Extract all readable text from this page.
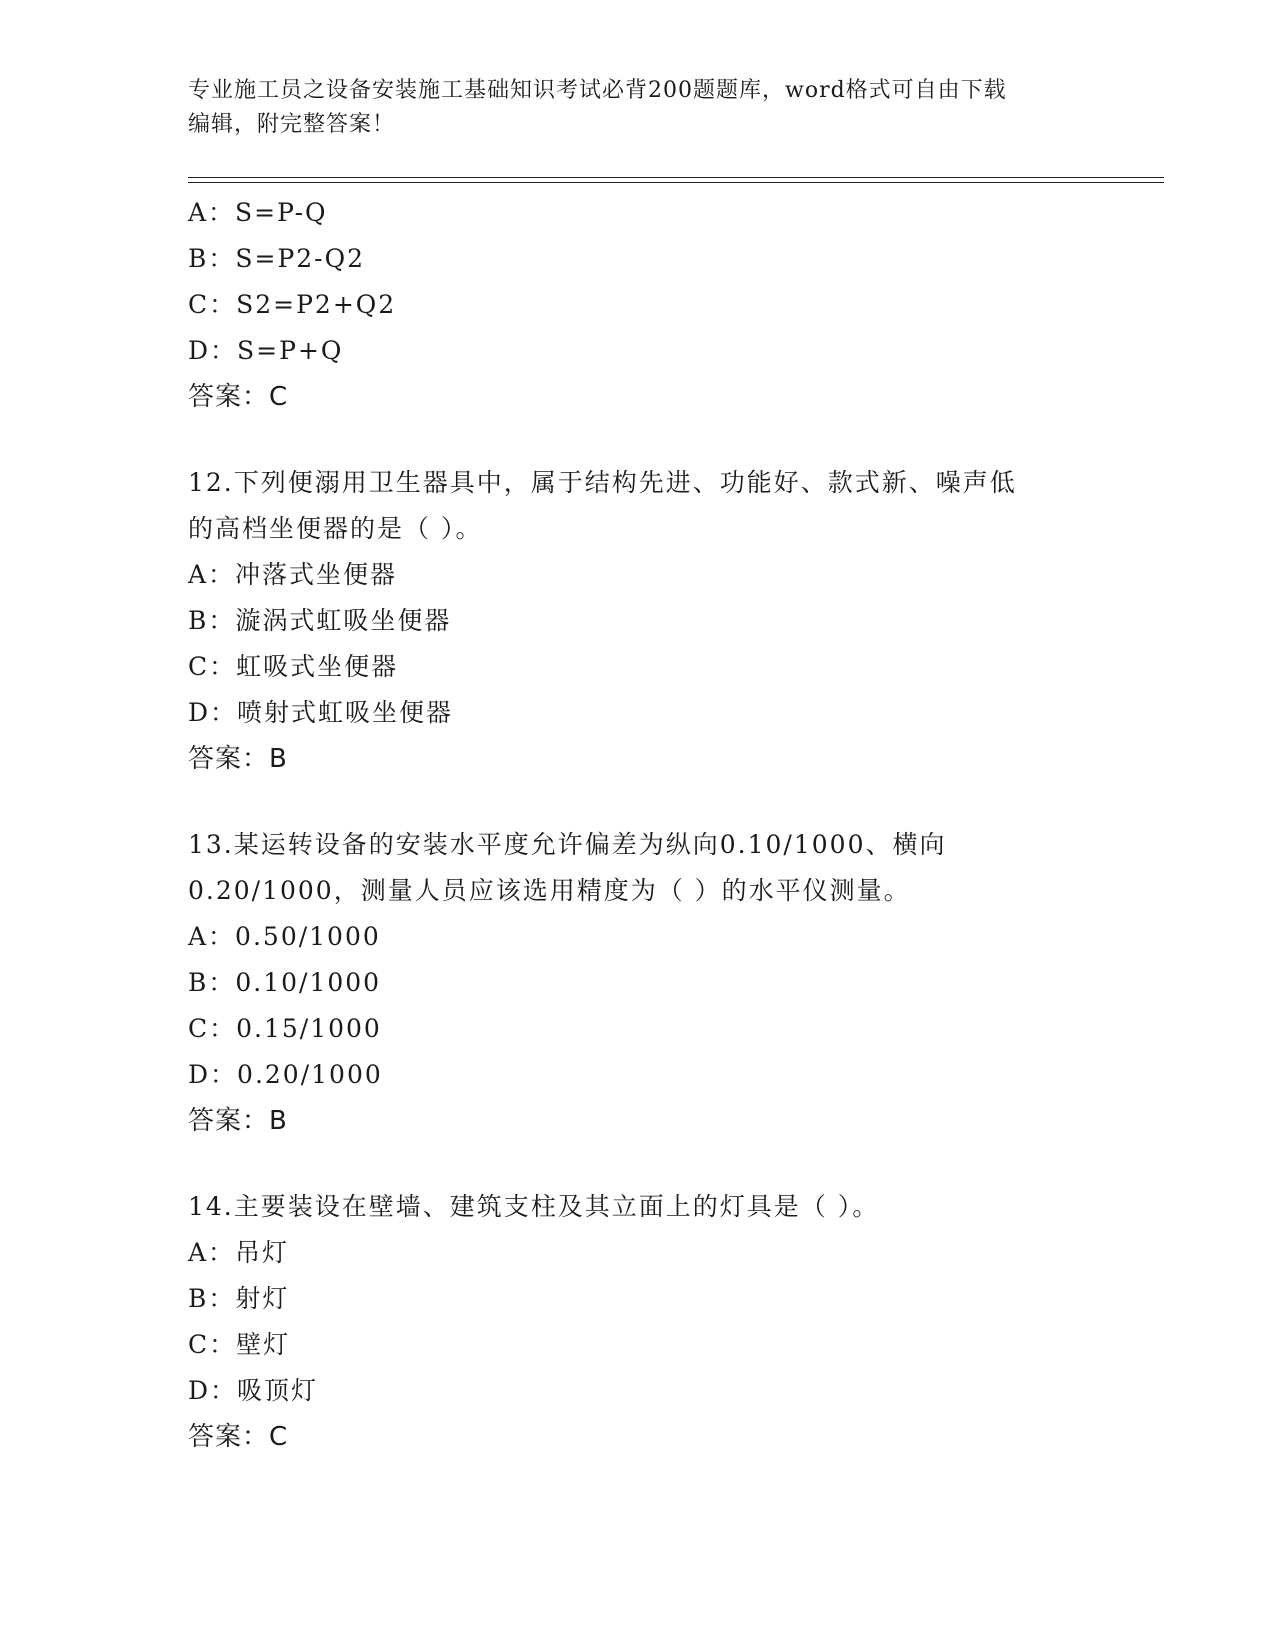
专业施工员之设备安装施工基础知识考试必背200题题库，word格式可自由下载
编辑，附完整答案！
A：S=P-Q
B：S=P2-Q2
C：S2=P2+Q2
D：S=P+Q
答案：C
12.下列便溺用卫生器具中，属于结构先进、功能好、款式新、噪声低
的高档坐便器的是（ ）。
A：冲落式坐便器
B：漩涡式虹吸坐便器
C：虹吸式坐便器
D：喷射式虹吸坐便器
答案：B
13.某运转设备的安装水平度允许偏差为纵向0.10/1000、横向
0.20/1000，测量人员应该选用精度为（ ）的水平仪测量。
A：0.50/1000
B：0.10/1000
C：0.15/1000
D：0.20/1000
答案：B
14.主要装设在壁墙、建筑支柱及其立面上的灯具是（ ）。
A：吊灯
B：射灯
C：壁灯
D：吸顶灯
答案：C
